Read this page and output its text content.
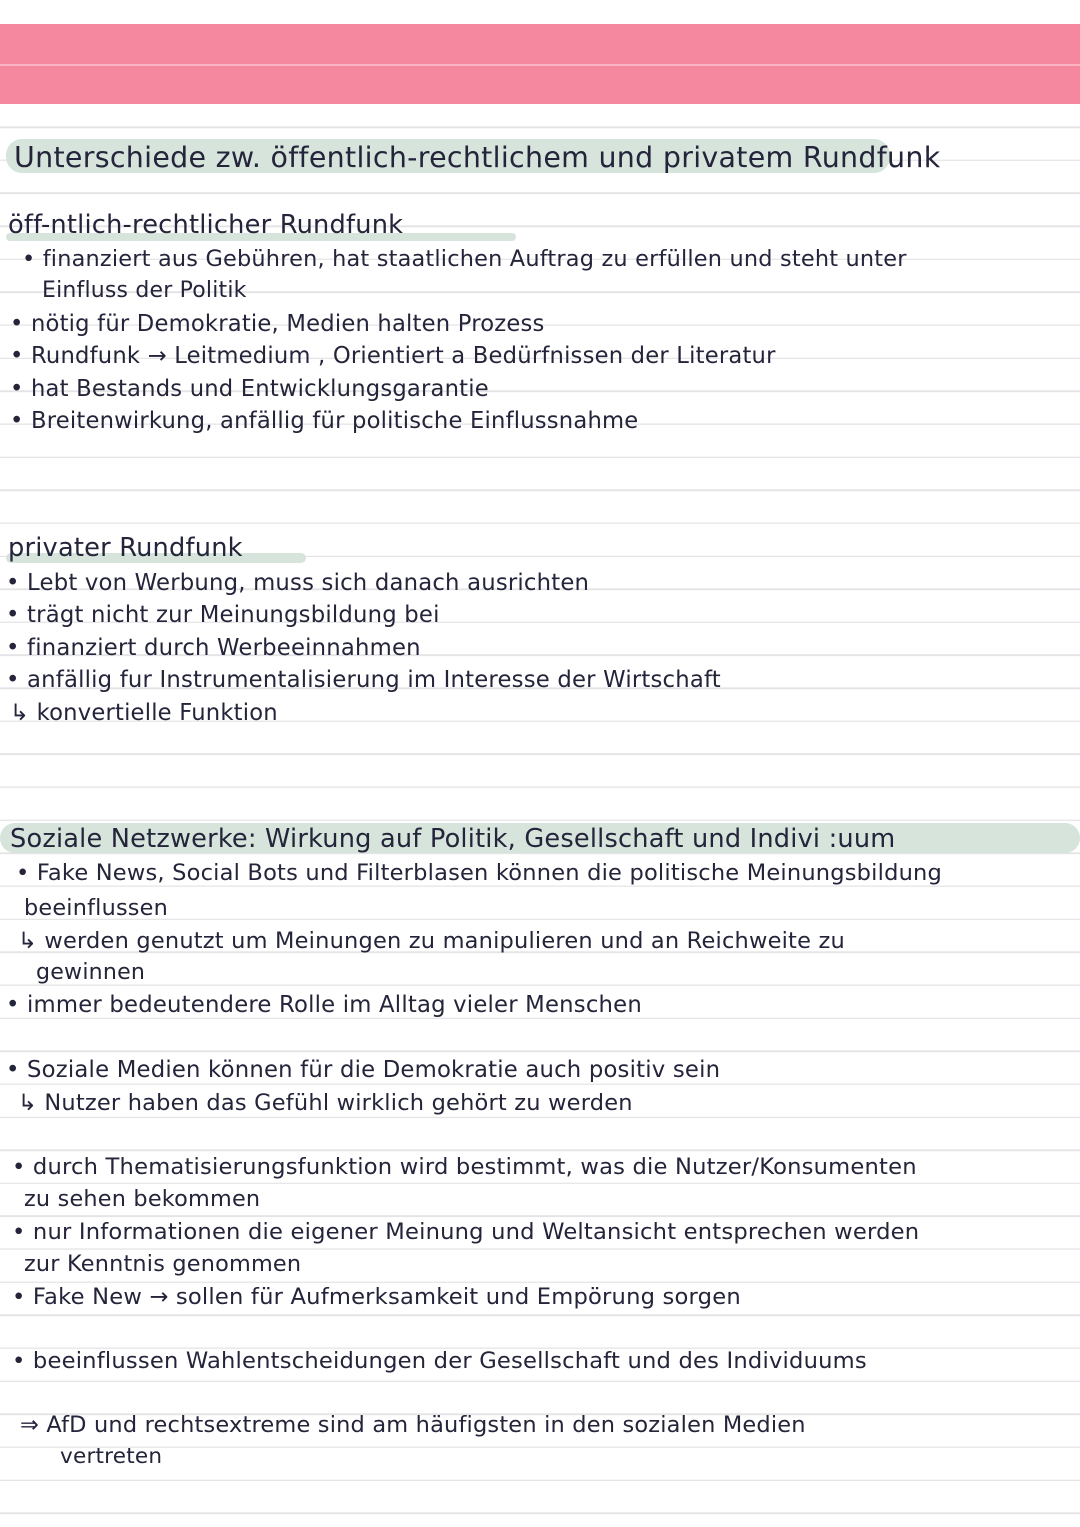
Unterschiede zw. öffentlich-rechtlichem und privatem Rundfunk
öff-ntlich-rechtlicher Rundfunk
• finanziert aus Gebühren, hat staatlichen Auftrag zu erfüllen und steht unter
Einfluss der Politik
• nötig für Demokratie, Medien halten Prozess
• Rundfunk → Leitmedium , Orientiert a Bedürfnissen der Literatur
• hat Bestands und Entwicklungsgarantie
• Breitenwirkung, anfällig für politische Einflussnahme
privater Rundfunk
• Lebt von Werbung, muss sich danach ausrichten
• trägt nicht zur Meinungsbildung bei
• finanziert durch Werbeeinnahmen
• anfällig fur Instrumentalisierung im Interesse der Wirtschaft
↳ konvertielle Funktion
Soziale Netzwerke: Wirkung auf Politik, Gesellschaft und Indivi :uum
• Fake News, Social Bots und Filterblasen können die politische Meinungsbildung
beeinflussen
↳ werden genutzt um Meinungen zu manipulieren und an Reichweite zu
gewinnen
• immer bedeutendere Rolle im Alltag vieler Menschen
• Soziale Medien können für die Demokratie auch positiv sein
↳ Nutzer haben das Gefühl wirklich gehört zu werden
• durch Thematisierungsfunktion wird bestimmt, was die Nutzer/Konsumenten
zu sehen bekommen
• nur Informationen die eigener Meinung und Weltansicht entsprechen werden
zur Kenntnis genommen
• Fake New → sollen für Aufmerksamkeit und Empörung sorgen
• beeinflussen Wahlentscheidungen der Gesellschaft und des Individuums
⇒ AfD und rechtsextreme sind am häufigsten in den sozialen Medien
vertreten
